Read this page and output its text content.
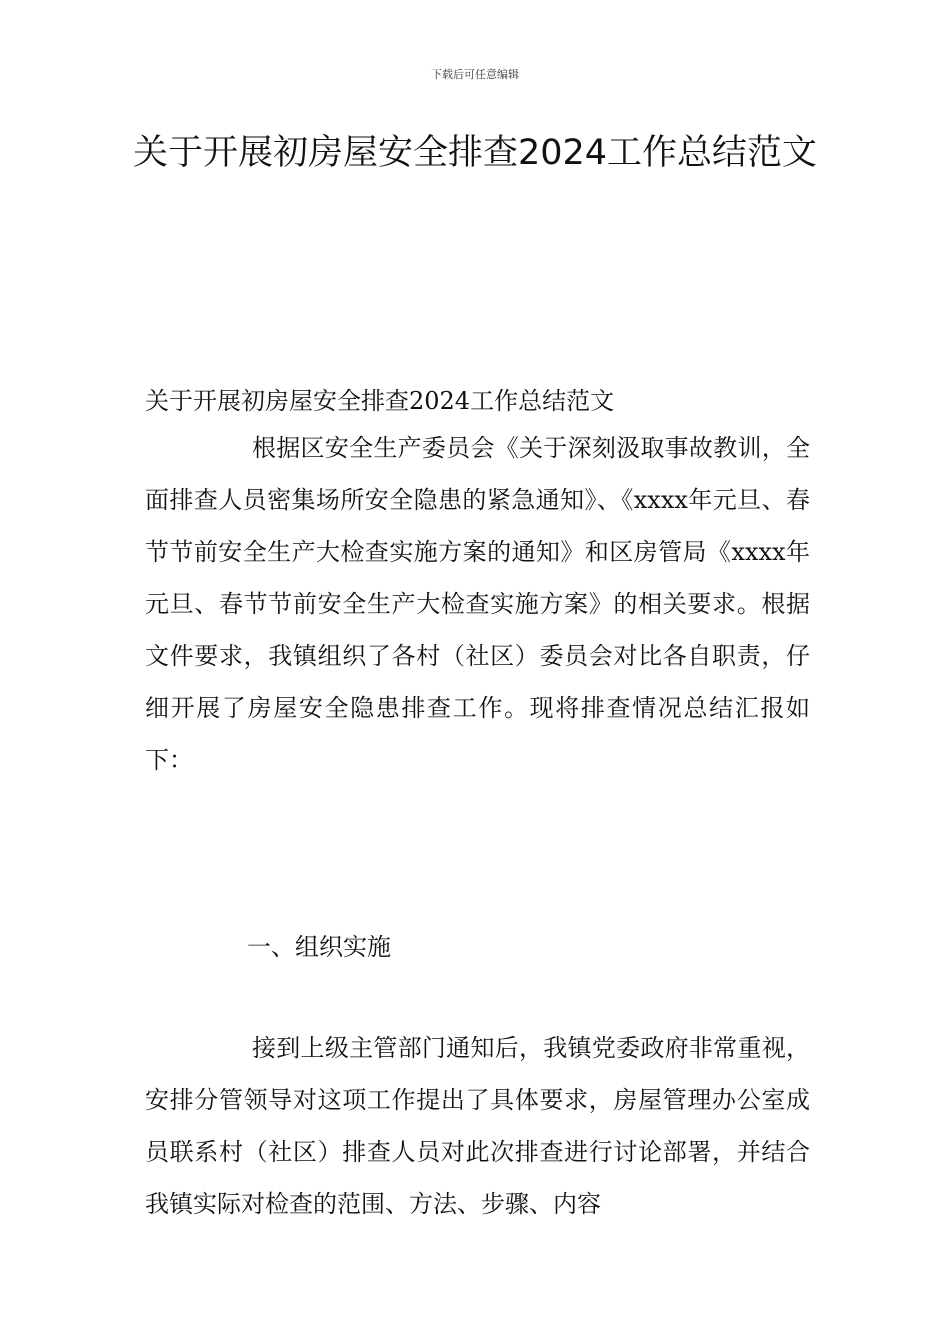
下载后可任意编辑
关于开展初房屋安全排查2024工作总结范文

关于开展初房屋安全排查2024工作总结范文

根据区安全生产委员会《关于深刻汲取事故教训，全面排查人员密集场所安全隐患的紧急通知》、《xxxx年元旦、春节节前安全生产大检查实施方案的通知》和区房管局《xxxx年元旦、春节节前安全生产大检查实施方案》的相关要求。根据文件要求，我镇组织了各村（社区）委员会对比各自职责，仔细开展了房屋安全隐患排查工作。现将排查情况总结汇报如下：

一、组织实施

接到上级主管部门通知后，我镇党委政府非常重视，安排分管领导对这项工作提出了具体要求，房屋管理办公室成员联系村（社区）排查人员对此次排查进行讨论部署，并结合我镇实际对检查的范围、方法、步骤、内容
